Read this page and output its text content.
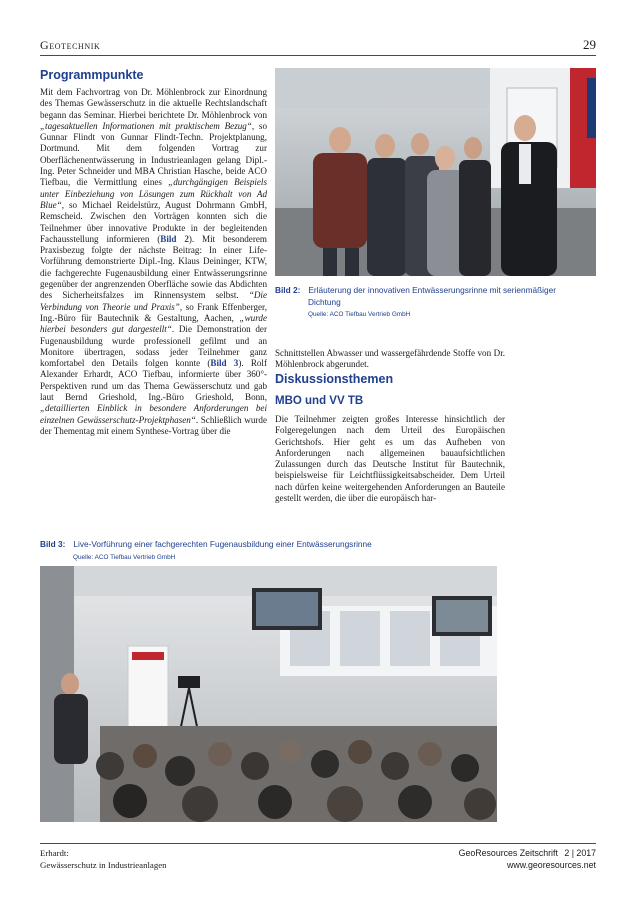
Geotechnik	29
Programmpunkte

Mit dem Fachvortrag von Dr. Möhlenbrock zur Einordnung des Themas Gewässerschutz in die aktuelle Rechtslandschaft begann das Seminar. Hierbei berichtete Dr. Möhlenbrock von „tagesaktuellen Informationen mit praktischem Bezug“, so Gunnar Flindt von Gunnar Flindt-Techn. Projektplanung, Dortmund. Mit dem folgenden Vortrag zur Oberflächenentwässerung in Industrieanlagen gelang Dipl.-Ing. Peter Schneider und MBA Christian Hasche, beide ACO Tiefbau, die Vermittlung eines „durchgängigen Beispiels unter Einbeziehung von Lösungen zum Rückhalt von Ad Blue“, so Michael Reidelstürz, August Dohrmann GmbH, Remscheid. Zwischen den Vorträgen konnten sich die Teilnehmer über innovative Produkte in der begleitenden Fachausstellung informieren (Bild 2). Mit besonderem Praxisbezug folgte der nächste Beitrag: In einer Life-Vorführung demonstrierte Dipl.-Ing. Klaus Deininger, KTW, die fachgerechte Fugenausbildung einer Entwässerungsrinne gegenüber der angrenzenden Oberfläche sowie das Abdichten des Sicherheitsfalzes im Rinnensystem selbst. “Die Verbindung von Theorie und Praxis”, so Frank Effenberger, Ing.-Büro für Bautechnik & Gestaltung, Aachen, „wurde hierbei besonders gut dargestellt“. Die Demonstration der Fugenausbildung wurde professionell gefilmt und an Monitore übertragen, sodass jeder Teilnehmer ganz komfortabel den Details folgen konnte (Bild 3). Rolf Alexander Erhardt, ACO Tiefbau, informierte über 360°-Perspektiven rund um das Thema Gewässerschutz und gab laut Bernd Grieshold, Ing.-Büro Grieshold, Bonn, „detaillierten Einblick in besondere Anforderungen bei einzelnen Gewässerschutz-Projektphasen“. Schließlich wurde der Thementag mit einem Synthese-Vortrag über die

Bild 2: Erläuterung der innovativen Entwässerungsrinne mit serienmäßiger
Dichtung
Quelle: ACO Tiefbau Vertrieb GmbH

Schnittstellen Abwasser und wassergefährdende Stoffe von Dr. Möhlenbrock abgerundet.

Diskussionsthemen
MBO und VV TB

Die Teilnehmer zeigten großes Interesse hinsichtlich der Folgeregelungen nach dem Urteil des Europäischen Gerichtshofs. Hier geht es um das Aufheben von Anforderungen nach allgemeinen bauaufsichtlichen Zulassungen durch das Deutsche Institut für Bautechnik, beispielsweise für Leichtflüssigkeitsabscheider. Dem Urteil nach dürfen keine weitergehenden Anforderungen an Bauteile gestellt werden, die über die europäisch har-

Bild 3: Live-Vorführung einer fachgerechten Fugenausbildung einer Entwässerungsrinne
Quelle: ACO Tiefbau Vertrieb GmbH
Erhardt:
Gewässerschutz in Industrieanlagen
GeoResources Zeitschrift 2 | 2017
www.georesources.net
